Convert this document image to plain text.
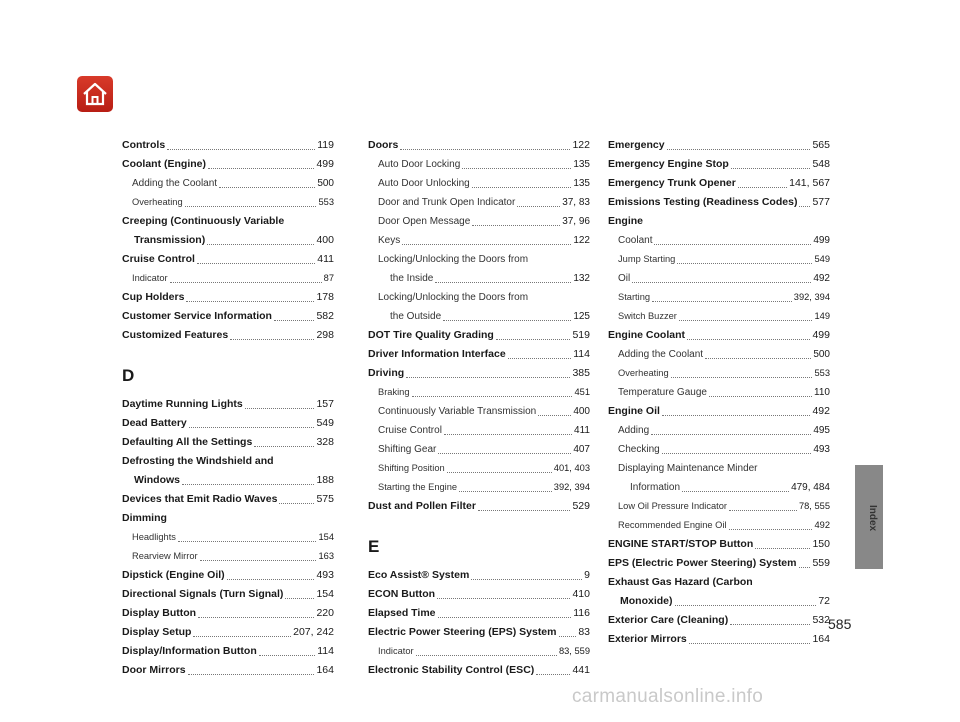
Controls	119
Coolant (Engine)	499
Adding the Coolant	500
Overheating	553
Creeping (Continuously Variable
Transmission)	400
Cruise Control	411
Indicator	87
Cup Holders	178
Customer Service Information	582
Customized Features	298
D
Daytime Running Lights	157
Dead Battery	549
Defaulting All the Settings	328
Defrosting the Windshield and
Windows	188
Devices that Emit Radio Waves	575
Dimming
Headlights	154
Rearview Mirror	163
Dipstick (Engine Oil)	493
Directional Signals (Turn Signal)	154
Display Button	220
Display Setup	207, 242
Display/Information Button	114
Door Mirrors	164
Doors	122
Auto Door Locking	135
Auto Door Unlocking	135
Door and Trunk Open Indicator	37, 83
Door Open Message	37, 96
Keys	122
Locking/Unlocking the Doors from
the Inside	132
Locking/Unlocking the Doors from
the Outside	125
DOT Tire Quality Grading	519
Driver Information Interface	114
Driving	385
Braking	451
Continuously Variable Transmission	400
Cruise Control	411
Shifting Gear	407
Shifting Position	401, 403
Starting the Engine	392, 394
Dust and Pollen Filter	529
E
Eco Assist® System	9
ECON Button	410
Elapsed Time	116
Electric Power Steering (EPS) System 83
Indicator	83, 559
Electronic Stability Control (ESC)	441
Emergency	565
Emergency Engine Stop	548
Emergency Trunk Opener	141, 567
Emissions Testing (Readiness Codes) 577
Engine
Coolant	499
Jump Starting	549
Oil	492
Starting	392, 394
Switch Buzzer	149
Engine Coolant	499
Adding the Coolant	500
Overheating	553
Temperature Gauge	110
Engine Oil	492
Adding	495
Checking	493
Displaying Maintenance Minder
Information	479, 484
Low Oil Pressure Indicator	78, 555
Recommended Engine Oil	492
ENGINE START/STOP Button	150
EPS (Electric Power Steering) System 559
Exhaust Gas Hazard (Carbon
Monoxide)	72
Exterior Care (Cleaning)	532
Exterior Mirrors	164
Index
585
carmanualsonline.info
